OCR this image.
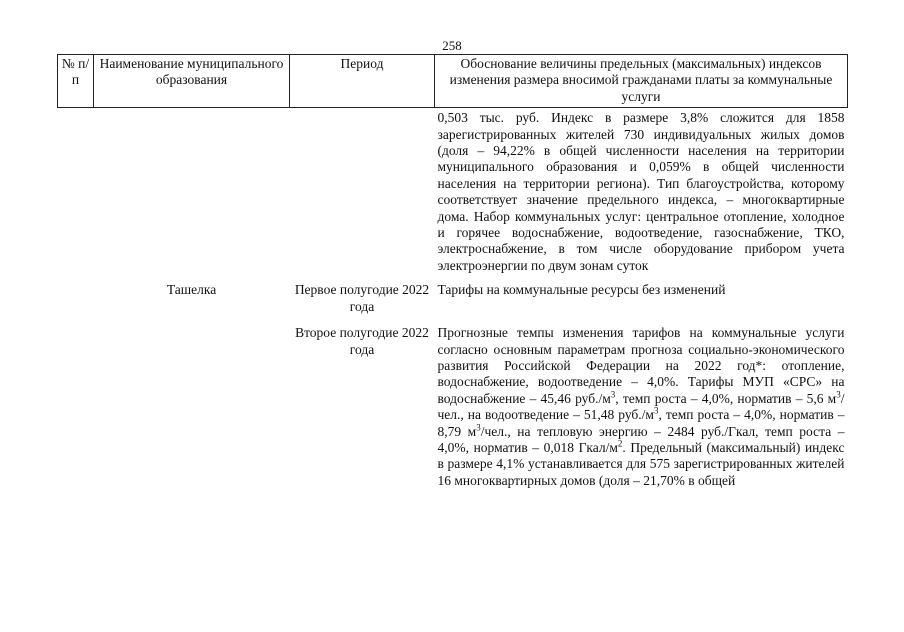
258
№ п/п	Наименование муниципального образования	Период	Обоснование величины предельных (максимальных) индексов изменения размера вносимой гражданами платы за коммунальные услуги
			0,503 тыс. руб. Индекс в размере 3,8% сложится для 1858 зарегистрированных жителей 730 индивидуальных жилых домов (доля – 94,22% в общей численности населения на территории муниципального образования и 0,059% в общей численности населения на территории региона). Тип благоустройства, которому соответствует значение предельного индекса, – многоквартирные дома. Набор коммунальных услуг: центральное отопление, холодное и горячее водоснабжение, водоотведение, газоснабжение, ТКО, электроснабжение, в том числе оборудование прибором учета электроэнергии по двум зонам суток
	Ташелка	Первое полугодие 2022 года	Тарифы на коммунальные ресурсы без изменений
		Второе полугодие 2022 года	Прогнозные темпы изменения тарифов на коммунальные услуги согласно основным параметрам прогноза социально-экономического развития Российской Федерации на 2022 год*: отопление, водоснабжение, водоотведение – 4,0%. Тарифы МУП «СРС» на водоснабжение – 45,46 $руб./м^3$, темп роста – 4,0%, норматив – 5,6 $м^3$/чел., на водоотведение – 51,48 $руб./м^3$, темп роста – 4,0%, норматив – 8,79 $м^3$/чел., на тепловую энергию – 2484 руб./Гкал, темп роста – 4,0%, норматив – 0,018 Гкал/$м^2$. Предельный (максимальный) индекс в размере 4,1% устанавливается для 575 зарегистрированных жителей 16 многоквартирных домов (доля – 21,70% в общей
